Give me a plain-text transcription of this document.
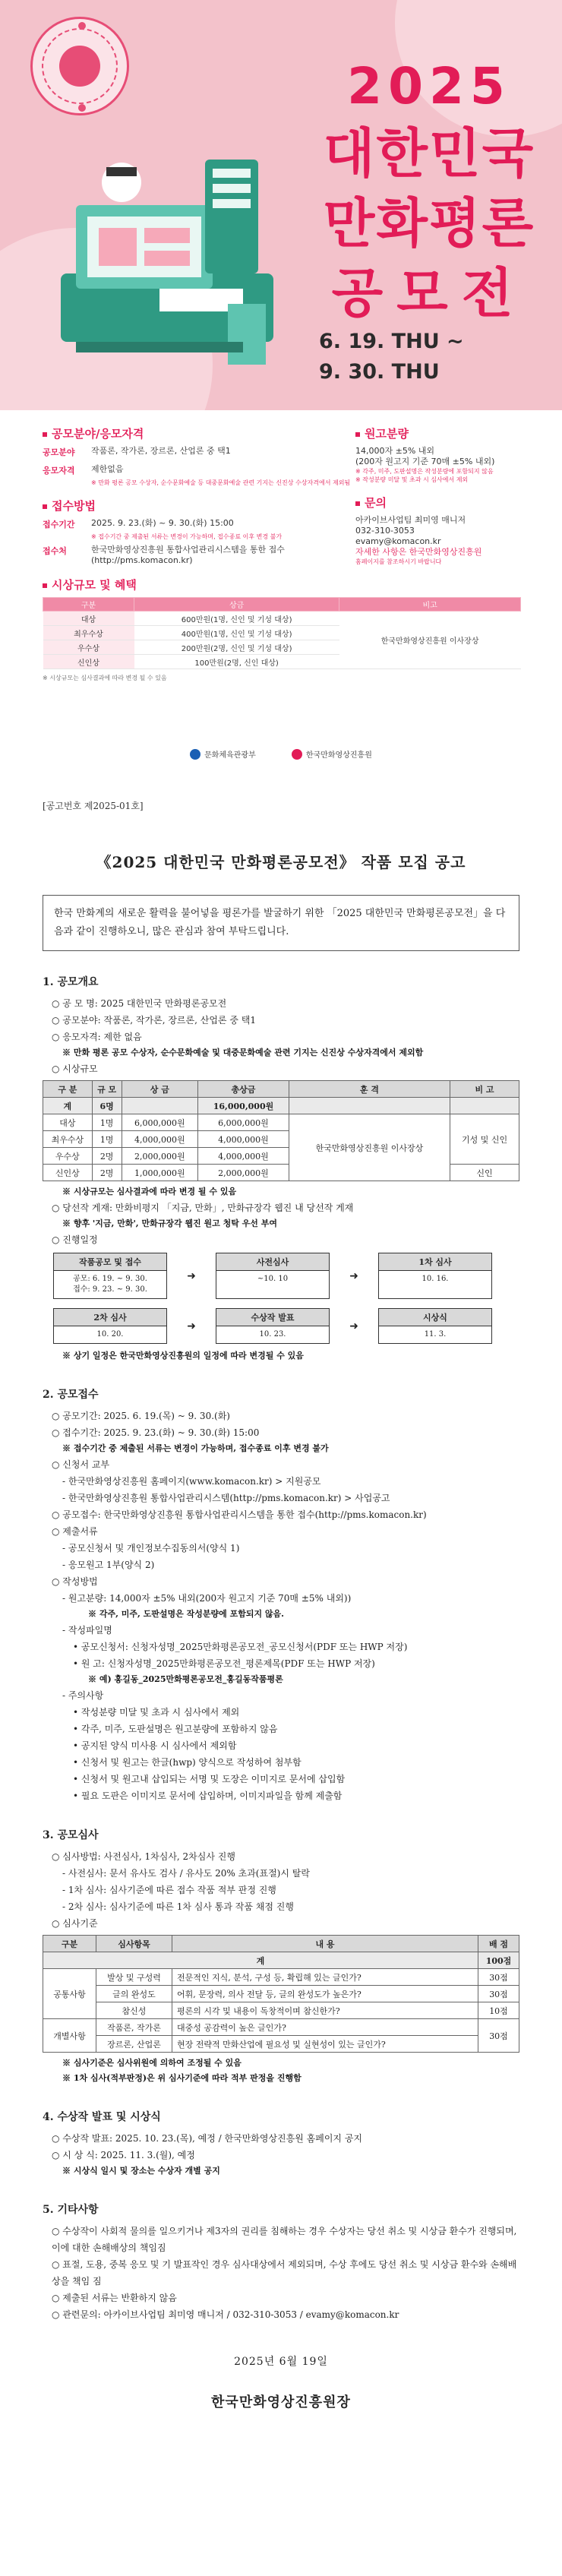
2025
대한민국
만화평론
공모전
6. 19. THU ~
9. 30. THU
공모분야/응모자격
공모분야 작품론, 작가론, 장르론, 산업론 중 택1
응모자격 제한없음
※ 만화 평론 공모 수상자, 순수문화예술 등 대중문화예술 관련 기지는 신진상 수상자격에서 제외됨
접수방법
접수기간 2025. 9. 23.(화) ~ 9. 30.(화) 15:00
※ 접수기간 중 제출된 서류는 변경이 가능하며, 접수종료 이후 변경 불가
접수처	한국만화영상진흥원 통합사업관리시스템을 통한 접수
(http://pms.komacon.kr)
시상규모 및 혜택
구분	상금	비고
대상	600만원(1명, 신인 및 기성 대상)	한국만화영상진흥원 이사장상
최우수상	400만원(1명, 신인 및 기성 대상)	
우수상	200만원(2명, 신인 및 기성 대상)	
신인상	100만원(2명, 신인 대상)	
※ 시상규모는 심사결과에 따라 변경 될 수 있음
원고분량
14,000자 ±5% 내외
(200자 원고지 기준 70매 ±5% 내외)
※ 각주, 미주, 도판설명은 작성분량에 포함되지 않음
※ 작성분량 미달 및 초과 시 심사에서 제외
문의
아카이브사업팀 최미영 매니저
032-310-3053
evamy@komacon.kr
자세한 사항은 한국만화영상진흥원
홈페이지를 참조하시기 바랍니다
문화체육관광부
	한국만화영상진흥원
[공고번호 제2025-01호]
《2025 대한민국 만화평론공모전》 작품 모집 공고
한국 만화계의 새로운 활력을 불어넣을 평론가를 발굴하기 위한 「2025 대한민국 만화평론공모전」을 다음과 같이 진행하오니, 많은 관심과 참여 부탁드립니다.
1. 공모개요
○ 공 모 명: 2025 대한민국 만화평론공모전
○ 공모분야: 작품론, 작가론, 장르론, 산업론 중 택1
○ 응모자격: 제한 없음
※ 만화 평론 공모 수상자, 순수문화예술 및 대중문화예술 관련 기지는 신진상 수상자격에서 제외함
○ 시상규모
구 분	규 모	상 금	총상금	훈 격	비 고
계	6명		16,000,000원		
대상	1명	6,000,000원	6,000,000원	한국만화영상진흥원 이사장상	기성 및 신인
최우수상	1명	4,000,000원	4,000,000원		
우수상	2명	2,000,000원	4,000,000원		
신인상	2명	1,000,000원	2,000,000원		신인
※ 시상규모는 심사결과에 따라 변경 될 수 있음
○ 당선작 게재: 만화비평지 「지금, 만화」, 만화규장각 웹진 내 당선작 게재
※ 향후 '지금, 만화', 만화규장각 웹진 원고 청탁 우선 부여
○ 진행일정
작품공모 및 접수
공모: 6. 19. ~ 9. 30.
접수: 9. 23. ~ 9. 30.
➜
사전심사
~10. 10	➜
1차 심사
10. 16.
2차 심사
10. 20.
➜
수상작 발표
10. 23.
➜
시상식
11. 3.
※ 상기 일정은 한국만화영상진흥원의 일정에 따라 변경될 수 있음
2. 공모접수
○ 공모기간: 2025. 6. 19.(목) ~ 9. 30.(화)
○ 접수기간: 2025. 9. 23.(화) ~ 9. 30.(화) 15:00
※ 접수기간 중 제출된 서류는 변경이 가능하며, 접수종료 이후 변경 불가
○ 신청서 교부
- 한국만화영상진흥원 홈페이지(www.komacon.kr) > 지원공모
- 한국만화영상진흥원 통합사업관리시스템(http://pms.komacon.kr) > 사업공고
○ 공모접수: 한국만화영상진흥원 통합사업관리시스템을 통한 접수(http://pms.komacon.kr)
○ 제출서류
- 공모신청서 및 개인정보수집동의서(양식 1)
- 응모원고 1부(양식 2)
○ 작성방법
- 원고분량: 14,000자 ±5% 내외(200자 원고지 기준 70매 ±5% 내외))
※ 각주, 미주, 도판설명은 작성분량에 포함되지 않음.
- 작성파일명
• 공모신청서: 신청자성명_2025만화평론공모전_공모신청서(PDF 또는 HWP 저장)
• 원 고: 신청자성명_2025만화평론공모전_평론제목(PDF 또는 HWP 저장)
※ 예) 홍길동_2025만화평론공모전_홍길동작품평론
- 주의사항
• 작성분량 미달 및 초과 시 심사에서 제외
• 각주, 미주, 도판설명은 원고분량에 포함하지 않음
• 공지된 양식 미사용 시 심사에서 제외함
• 신청서 및 원고는 한글(hwp) 양식으로 작성하여 첨부함
• 신청서 및 원고내 삽입되는 서명 및 도장은 이미지로 문서에 삽입함
• 필요 도판은 이미지로 문서에 삽입하며, 이미지파일을 함께 제출함
3. 공모심사
○ 심사방법: 사전심사, 1차심사, 2차심사 진행
- 사전심사: 문서 유사도 검사 / 유사도 20% 초과(표절)시 탈락
- 1차 심사: 심사기준에 따른 접수 작품 적부 판정 진행
- 2차 심사: 심사기준에 따른 1차 심사 통과 작품 채점 진행
○ 심사기준
구분	심사항목	내 용	배 점
계			100점
공통사항	발상 및 구성력	전문적인 지식, 분석, 구성 등, 확립해 있는 글인가?	30점
	글의 완성도	어휘, 문장력, 의사 전달 등, 글의 완성도가 높은가?	30점
	참신성	평론의 시각 및 내용이 독창적이며 참신한가?	10점
개별사항	작품론, 작가론	대중성 공감력이 높은 글인가?	30점
	장르론, 산업론	현장 전략적 만화산업에 필요성 및 실현성이 있는 글인가?	
※ 심사기준은 심사위원에 의하여 조정될 수 있음
※ 1차 심사(적부판정)은 위 심사기준에 따라 적부 판정을 진행함
4. 수상작 발표 및 시상식
○ 수상작 발표: 2025. 10. 23.(목), 예정 / 한국만화영상진흥원 홈페이지 공지
○ 시 상 식: 2025. 11. 3.(월), 예정
※ 시상식 일시 및 장소는 수상자 개별 공지
5. 기타사항
○ 수상작이 사회적 물의를 일으키거나 제3자의 권리를 침해하는 경우 수상자는 당선 취소 및 시상금 환수가 진행되며, 이에 대한 손해배상의 책임짐
○ 표절, 도용, 중복 응모 및 기 발표작인 경우 심사대상에서 제외되며, 수상 후에도 당선 취소 및 시상금 환수와 손해배상을 책임 짐
○ 제출된 서류는 반환하지 않음
○ 관련문의: 아카이브사업팀 최미영 매니저 / 032-310-3053 / evamy@komacon.kr
2025년 6월 19일
한국만화영상진흥원장
